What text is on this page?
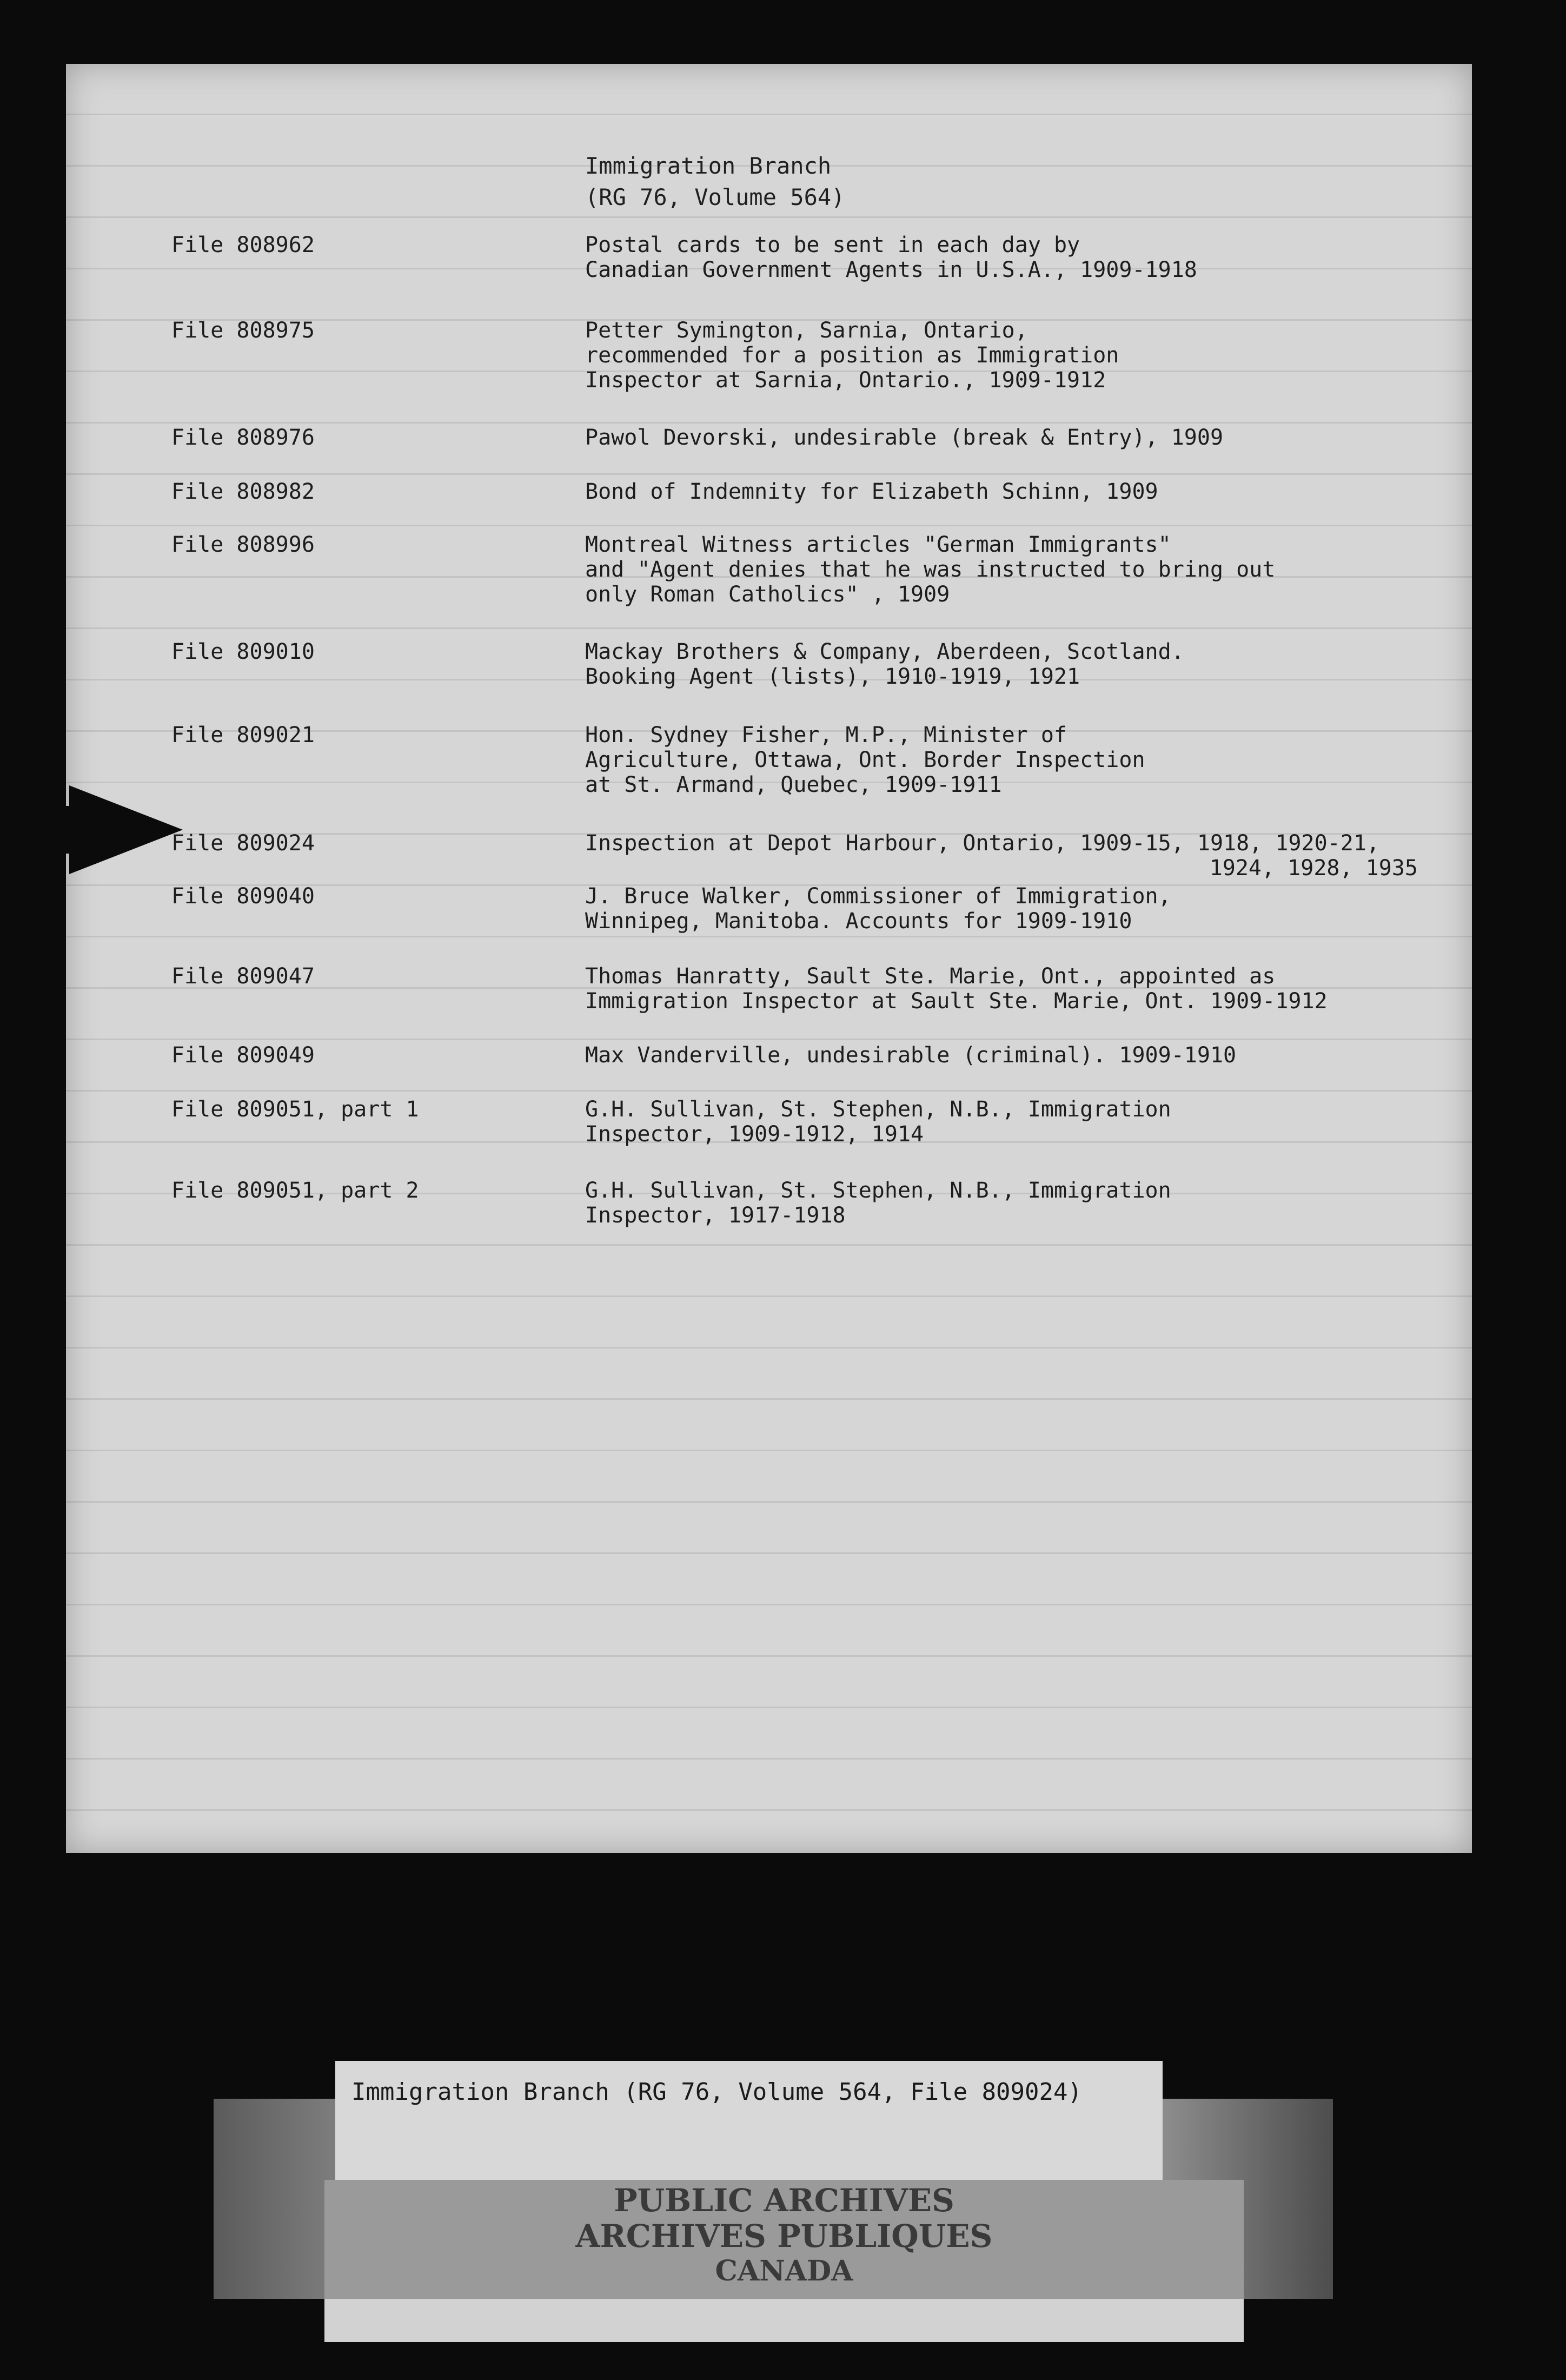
Immigration Branch
(RG 76, Volume 564)
File 808962	Postal cards to be sent in each day by
Canadian Government Agents in U.S.A., 1909-1918
File 808975	Petter Symington, Sarnia, Ontario,
recommended for a position as Immigration
Inspector at Sarnia, Ontario., 1909-1912
File 808976	Pawol Devorski, undesirable (break & Entry), 1909
File 808982	Bond of Indemnity for Elizabeth Schinn, 1909
File 808996	Montreal Witness articles "German Immigrants"
and "Agent denies that he was instructed to bring out
only Roman Catholics" , 1909
File 809010	Mackay Brothers & Company, Aberdeen, Scotland.
Booking Agent (lists), 1910-1919, 1921
File 809021	Hon. Sydney Fisher, M.P., Minister of
Agriculture, Ottawa, Ont. Border Inspection
at St. Armand, Quebec, 1909-1911
File 809024	Inspection at Depot Harbour, Ontario, 1909-15, 1918, 1920-21,
1924, 1928, 1935
File 809040	J. Bruce Walker, Commissioner of Immigration,
Winnipeg, Manitoba. Accounts for 1909-1910
File 809047	Thomas Hanratty, Sault Ste. Marie, Ont., appointed as
Immigration Inspector at Sault Ste. Marie, Ont. 1909-1912
File 809049	Max Vanderville, undesirable (criminal). 1909-1910
File 809051, part 1	G.H. Sullivan, St. Stephen, N.B., Immigration
Inspector, 1909-1912, 1914
File 809051, part 2	G.H. Sullivan, St. Stephen, N.B., Immigration
Inspector, 1917-1918
Immigration Branch (RG 76, Volume 564, File 809024)
PUBLIC ARCHIVES
ARCHIVES PUBLIQUES
CANADA
